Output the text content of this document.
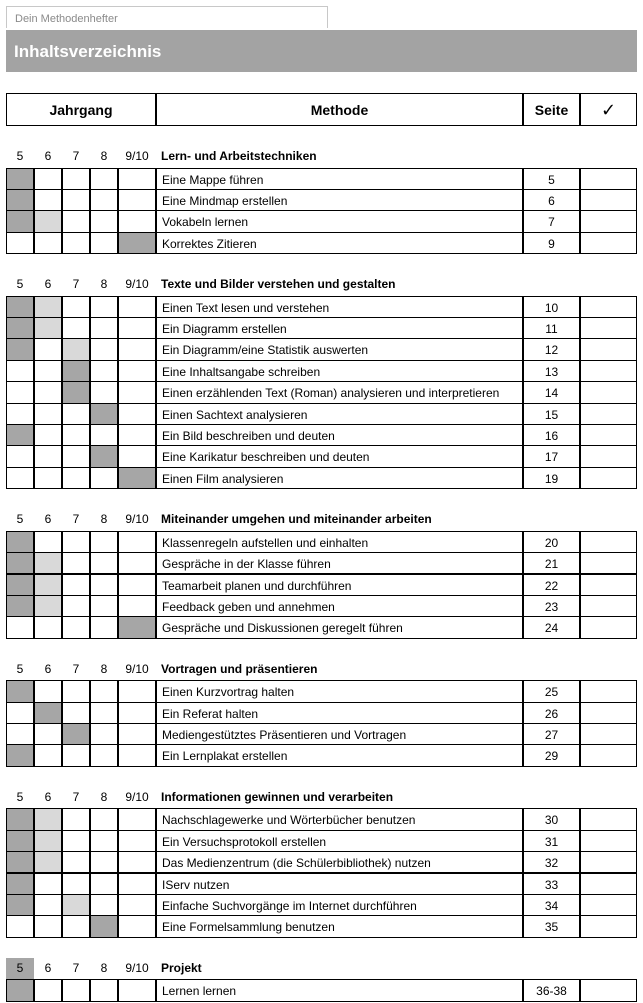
Dein Methodenhefter
Inhaltsverzeichnis
Jahrgang	Methode	Seite	✓
5	6	7	8	9/10	Lern- und Arbeitstechniken
Eine Mappe führen	5
Eine Mindmap erstellen	6
Vokabeln lernen	7
Korrektes Zitieren	9
5	6	7	8	9/10	Texte und Bilder verstehen und gestalten
Einen Text lesen und verstehen	10
Ein Diagramm erstellen	11
Ein Diagramm/eine Statistik auswerten	12
Eine Inhaltsangabe schreiben	13
Einen erzählenden Text (Roman) analysieren und interpretieren	14
Einen Sachtext analysieren	15
Ein Bild beschreiben und deuten	16
Eine Karikatur beschreiben und deuten	17
Einen Film analysieren	19
5	6	7	8	9/10	Miteinander umgehen und miteinander arbeiten
Klassenregeln aufstellen und einhalten	20
Gespräche in der Klasse führen	21
Teamarbeit planen und durchführen	22
Feedback geben und annehmen	23
Gespräche und Diskussionen geregelt führen	24
5	6	7	8	9/10	Vortragen und präsentieren
Einen Kurzvortrag halten	25
Ein Referat halten	26
Mediengestütztes Präsentieren und Vortragen	27
Ein Lernplakat erstellen	29
5	6	7	8	9/10	Informationen gewinnen und verarbeiten
Nachschlagewerke und Wörterbücher benutzen	30
Ein Versuchsprotokoll erstellen	31
Das Medienzentrum (die Schülerbibliothek) nutzen	32
IServ nutzen	33
Einfache Suchvorgänge im Internet durchführen	34
Eine Formelsammlung benutzen	35
5	6	7	8	9/10	Projekt
Lernen lernen	36-38
